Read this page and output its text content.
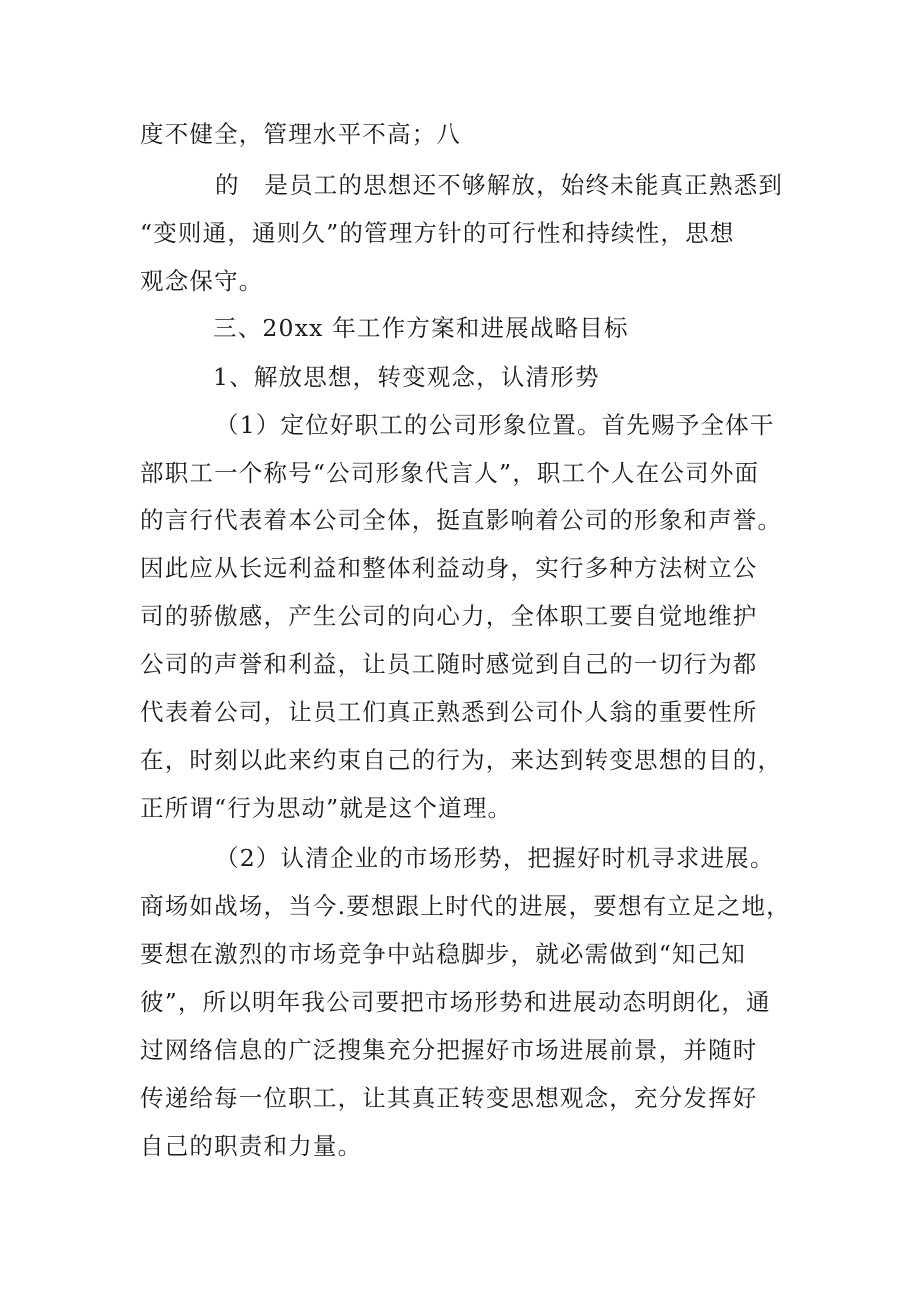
度不健全，管理水平不高；八
的　是员工的思想还不够解放，始终未能真正熟悉到
“变则通，通则久”的管理方针的可行性和持续性，思想
观念保守。
三、20xx 年工作方案和进展战略目标
1、解放思想，转变观念，认清形势
（1）定位好职工的公司形象位置。首先赐予全体干
部职工一个称号“公司形象代言人”，职工个人在公司外面
的言行代表着本公司全体，挺直影响着公司的形象和声誉。
因此应从长远利益和整体利益动身，实行多种方法树立公
司的骄傲感，产生公司的向心力，全体职工要自觉地维护
公司的声誉和利益，让员工随时感觉到自己的一切行为都
代表着公司，让员工们真正熟悉到公司仆人翁的重要性所
在，时刻以此来约束自己的行为，来达到转变思想的目的，
正所谓“行为思动”就是这个道理。
（2）认清企业的市场形势，把握好时机寻求进展。
商场如战场，当今.要想跟上时代的进展，要想有立足之地，
要想在激烈的市场竞争中站稳脚步，就必需做到“知己知
彼”，所以明年我公司要把市场形势和进展动态明朗化，通
过网络信息的广泛搜集充分把握好市场进展前景，并随时
传递给每一位职工，让其真正转变思想观念，充分发挥好
自己的职责和力量。
